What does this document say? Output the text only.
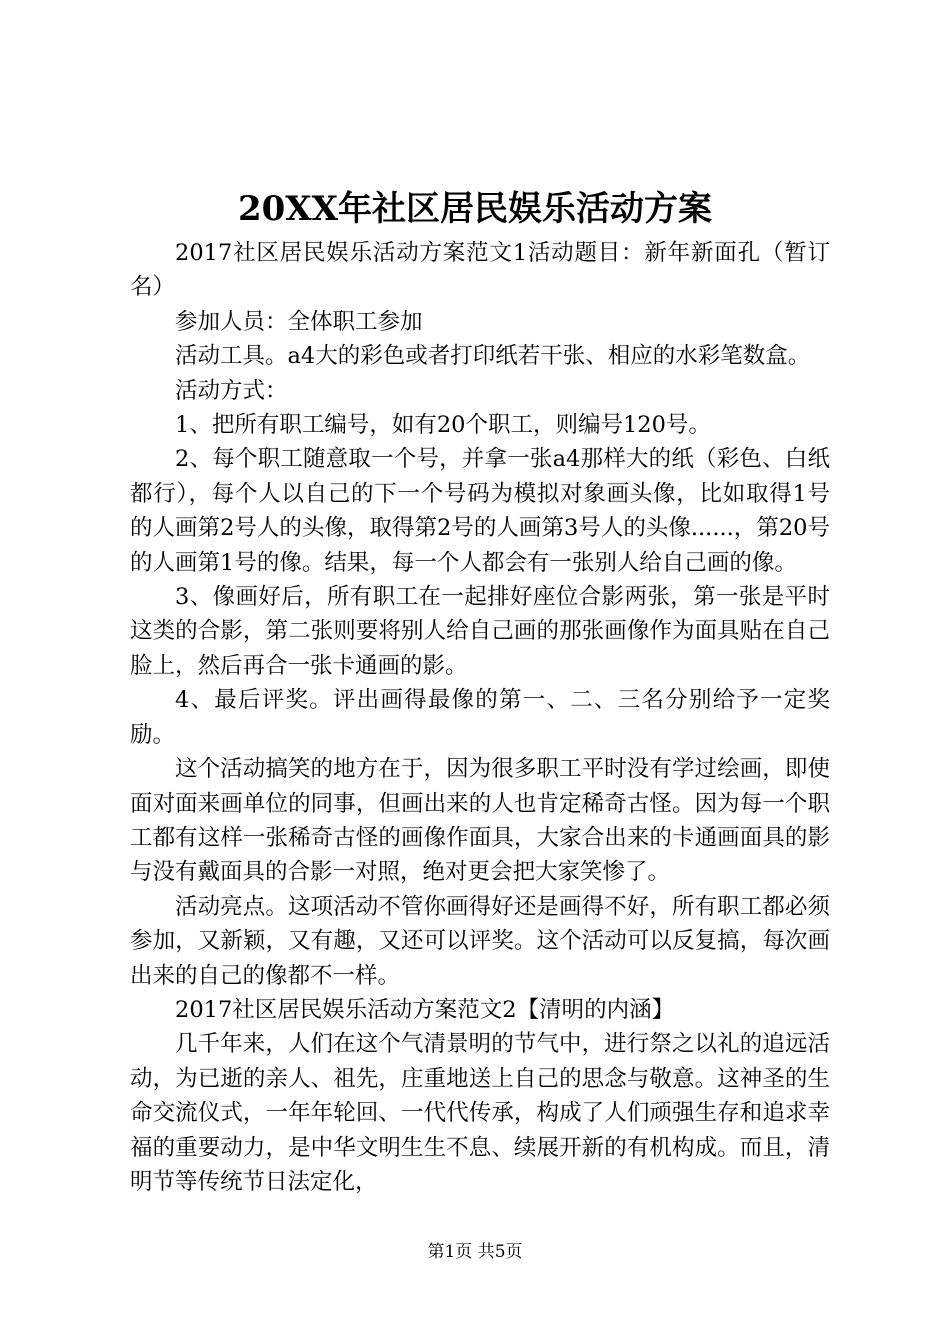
20XX年社区居民娱乐活动方案

2017社区居民娱乐活动方案范文1活动题目：新年新面孔（暂订名）

参加人员：全体职工参加

活动工具。a4大的彩色或者打印纸若干张、相应的水彩笔数盒。

活动方式：

1、把所有职工编号，如有20个职工，则编号120号。

2、每个职工随意取一个号，并拿一张a4那样大的纸（彩色、白纸都行），每个人以自己的下一个号码为模拟对象画头像，比如取得1号的人画第2号人的头像，取得第2号的人画第3号人的头像......，第20号的人画第1号的像。结果，每一个人都会有一张别人给自己画的像。

3、像画好后，所有职工在一起排好座位合影两张，第一张是平时这类的合影，第二张则要将别人给自己画的那张画像作为面具贴在自己脸上，然后再合一张卡通画的影。

4、最后评奖。评出画得最像的第一、二、三名分别给予一定奖励。

这个活动搞笑的地方在于，因为很多职工平时没有学过绘画，即使面对面来画单位的同事，但画出来的人也肯定稀奇古怪。因为每一个职工都有这样一张稀奇古怪的画像作面具，大家合出来的卡通画面具的影与没有戴面具的合影一对照，绝对更会把大家笑惨了。

活动亮点。这项活动不管你画得好还是画得不好，所有职工都必须参加，又新颖，又有趣，又还可以评奖。这个活动可以反复搞，每次画出来的自己的像都不一样。

2017社区居民娱乐活动方案范文2【清明的内涵】

几千年来，人们在这个气清景明的节气中，进行祭之以礼的追远活动，为已逝的亲人、祖先，庄重地送上自己的思念与敬意。这神圣的生命交流仪式，一年年轮回、一代代传承，构成了人们顽强生存和追求幸福的重要动力，是中华文明生生不息、续展开新的有机构成。而且，清明节等传统节日法定化，

第1页 共5页
